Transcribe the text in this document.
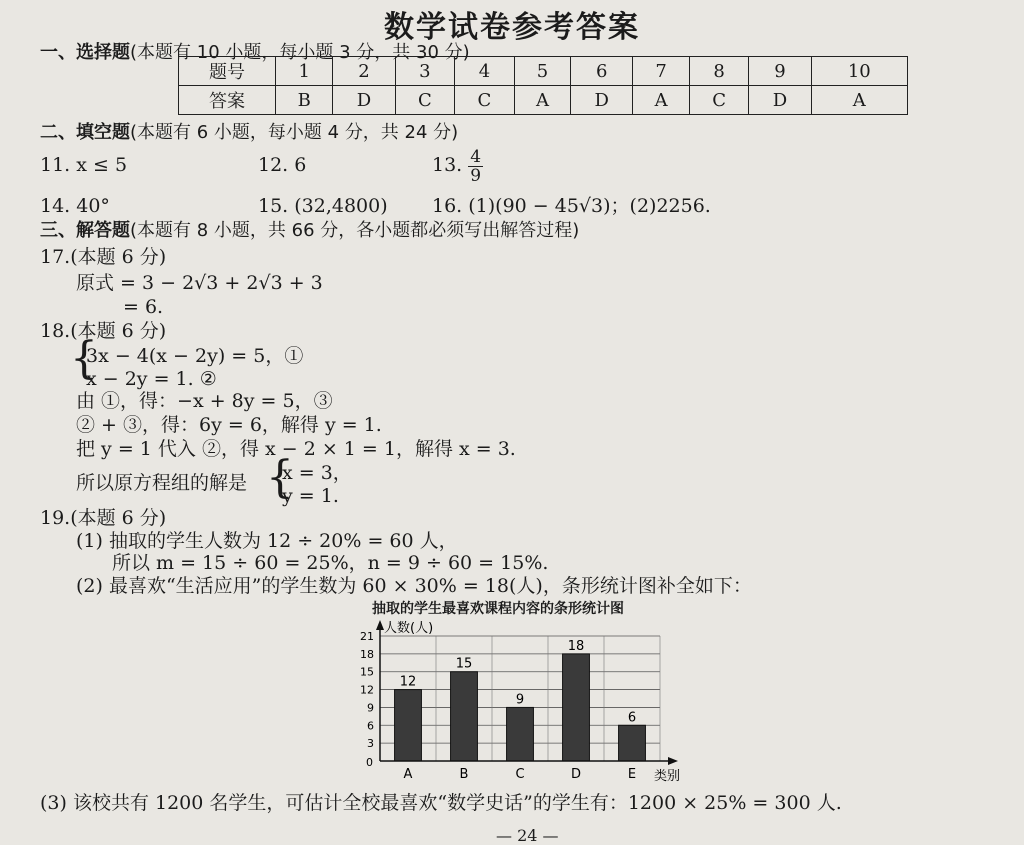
数学试卷参考答案
一、选择题(本题有 10 小题，每小题 3 分，共 30 分)
题号	1	2	3	4	5	6	7	8	9	10
答案	B	D	C	C	A	D	A	C	D	A
二、填空题(本题有 6 小题，每小题 4 分，共 24 分)
11. x ≤ 5	12. 6	13. $\frac{4}{9}$
14. 40°	15. (32,4800) 16. (1)(90 − 45√3)；(2)2256.
三、解答题(本题有 8 小题，共 66 分，各小题都必须写出解答过程)
17.(本题 6 分)
原式 = 3 − 2√3 + 2√3 + 3
= 6.
18.(本题 6 分)
{
3x − 4(x − 2y) = 5，①
x − 2y = 1. ②
由 ①，得：−x + 8y = 5，③
② + ③，得：6y = 6，解得 y = 1.
把 y = 1 代入 ②，得 x − 2 × 1 = 1，解得 x = 3.
所以原方程组的解是 {
x = 3，
y = 1.
19.(本题 6 分)
(1) 抽取的学生人数为 12 ÷ 20% = 60 人，
所以 m = 15 ÷ 60 = 25%，n = 9 ÷ 60 = 15%.
(2) 最喜欢“生活应用”的学生数为 60 × 30% = 18(人)，条形统计图补全如下：
抽取的学生最喜欢课程内容的条形统计图
12
15
9
18
6
人数(人)
类别
0
3
6
9
12
15
18
21
A	B	C	D	E
(3) 该校共有 1200 名学生，可估计全校最喜欢“数学史话”的学生有：1200 × 25% = 300 人.
— 24 —
